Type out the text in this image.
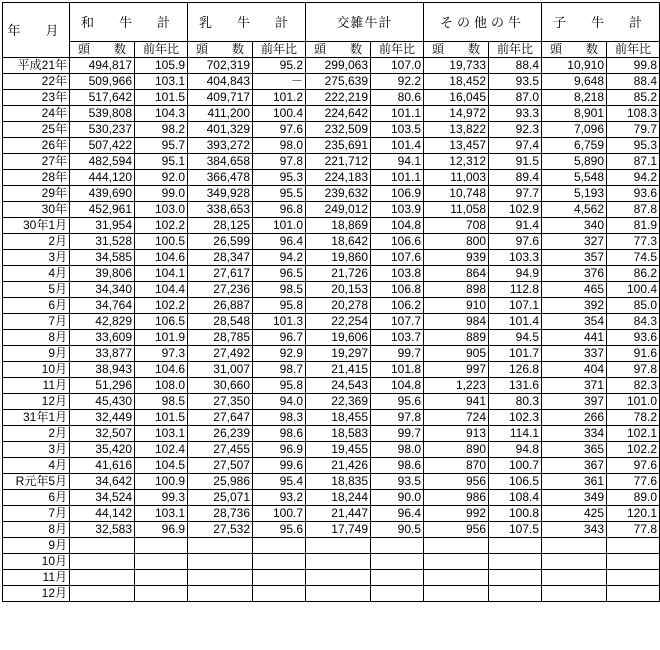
年　月	和　牛　計		乳　牛　計		交雑牛計		その他の牛		子　牛　計	
	頭　　数	前年比	頭　　数	前年比	頭　　数	前年比	頭　　数	前年比	頭　　数	前年比
平成21年	494,817	105.9	702,319	95.2	299,063	107.0	19,733	88.4	10,910	99.8
22年	509,966	103.1	404,843	－	275,639	92.2	18,452	93.5	9,648	88.4
23年	517,642	101.5	409,717	101.2	222,219	80.6	16,045	87.0	8,218	85.2
24年	539,808	104.3	411,200	100.4	224,642	101.1	14,972	93.3	8,901	108.3
25年	530,237	98.2	401,329	97.6	232,509	103.5	13,822	92.3	7,096	79.7
26年	507,422	95.7	393,272	98.0	235,691	101.4	13,457	97.4	6,759	95.3
27年	482,594	95.1	384,658	97.8	221,712	94.1	12,312	91.5	5,890	87.1
28年	444,120	92.0	366,478	95.3	224,183	101.1	11,003	89.4	5,548	94.2
29年	439,690	99.0	349,928	95.5	239,632	106.9	10,748	97.7	5,193	93.6
30年	452,961	103.0	338,653	96.8	249,012	103.9	11,058	102.9	4,562	87.8
30年1月	31,954	102.2	28,125	101.0	18,869	104.8	708	91.4	340	81.9
2月	31,528	100.5	26,599	96.4	18,642	106.6	800	97.6	327	77.3
3月	34,585	104.6	28,347	94.2	19,860	107.6	939	103.3	357	74.5
4月	39,806	104.1	27,617	96.5	21,726	103.8	864	94.9	376	86.2
5月	34,340	104.4	27,236	98.5	20,153	106.8	898	112.8	465	100.4
6月	34,764	102.2	26,887	95.8	20,278	106.2	910	107.1	392	85.0
7月	42,829	106.5	28,548	101.3	22,254	107.7	984	101.4	354	84.3
8月	33,609	101.9	28,785	96.7	19,606	103.7	889	94.5	441	93.6
9月	33,877	97.3	27,492	92.9	19,297	99.7	905	101.7	337	91.6
10月	38,943	104.6	31,007	98.7	21,415	101.8	997	126.8	404	97.8
11月	51,296	108.0	30,660	95.8	24,543	104.8	1,223	131.6	371	82.3
12月	45,430	98.5	27,350	94.0	22,369	95.6	941	80.3	397	101.0
31年1月	32,449	101.5	27,647	98.3	18,455	97.8	724	102.3	266	78.2
2月	32,507	103.1	26,239	98.6	18,583	99.7	913	114.1	334	102.1
3月	35,420	102.4	27,455	96.9	19,455	98.0	890	94.8	365	102.2
4月	41,616	104.5	27,507	99.6	21,426	98.6	870	100.7	367	97.6
R元年5月	34,642	100.9	25,986	95.4	18,835	93.5	956	106.5	361	77.6
6月	34,524	99.3	25,071	93.2	18,244	90.0	986	108.4	349	89.0
7月	44,142	103.1	28,736	100.7	21,447	96.4	992	100.8	425	120.1
8月	32,583	96.9	27,532	95.6	17,749	90.5	956	107.5	343	77.8
9月										
10月										
11月										
12月										
